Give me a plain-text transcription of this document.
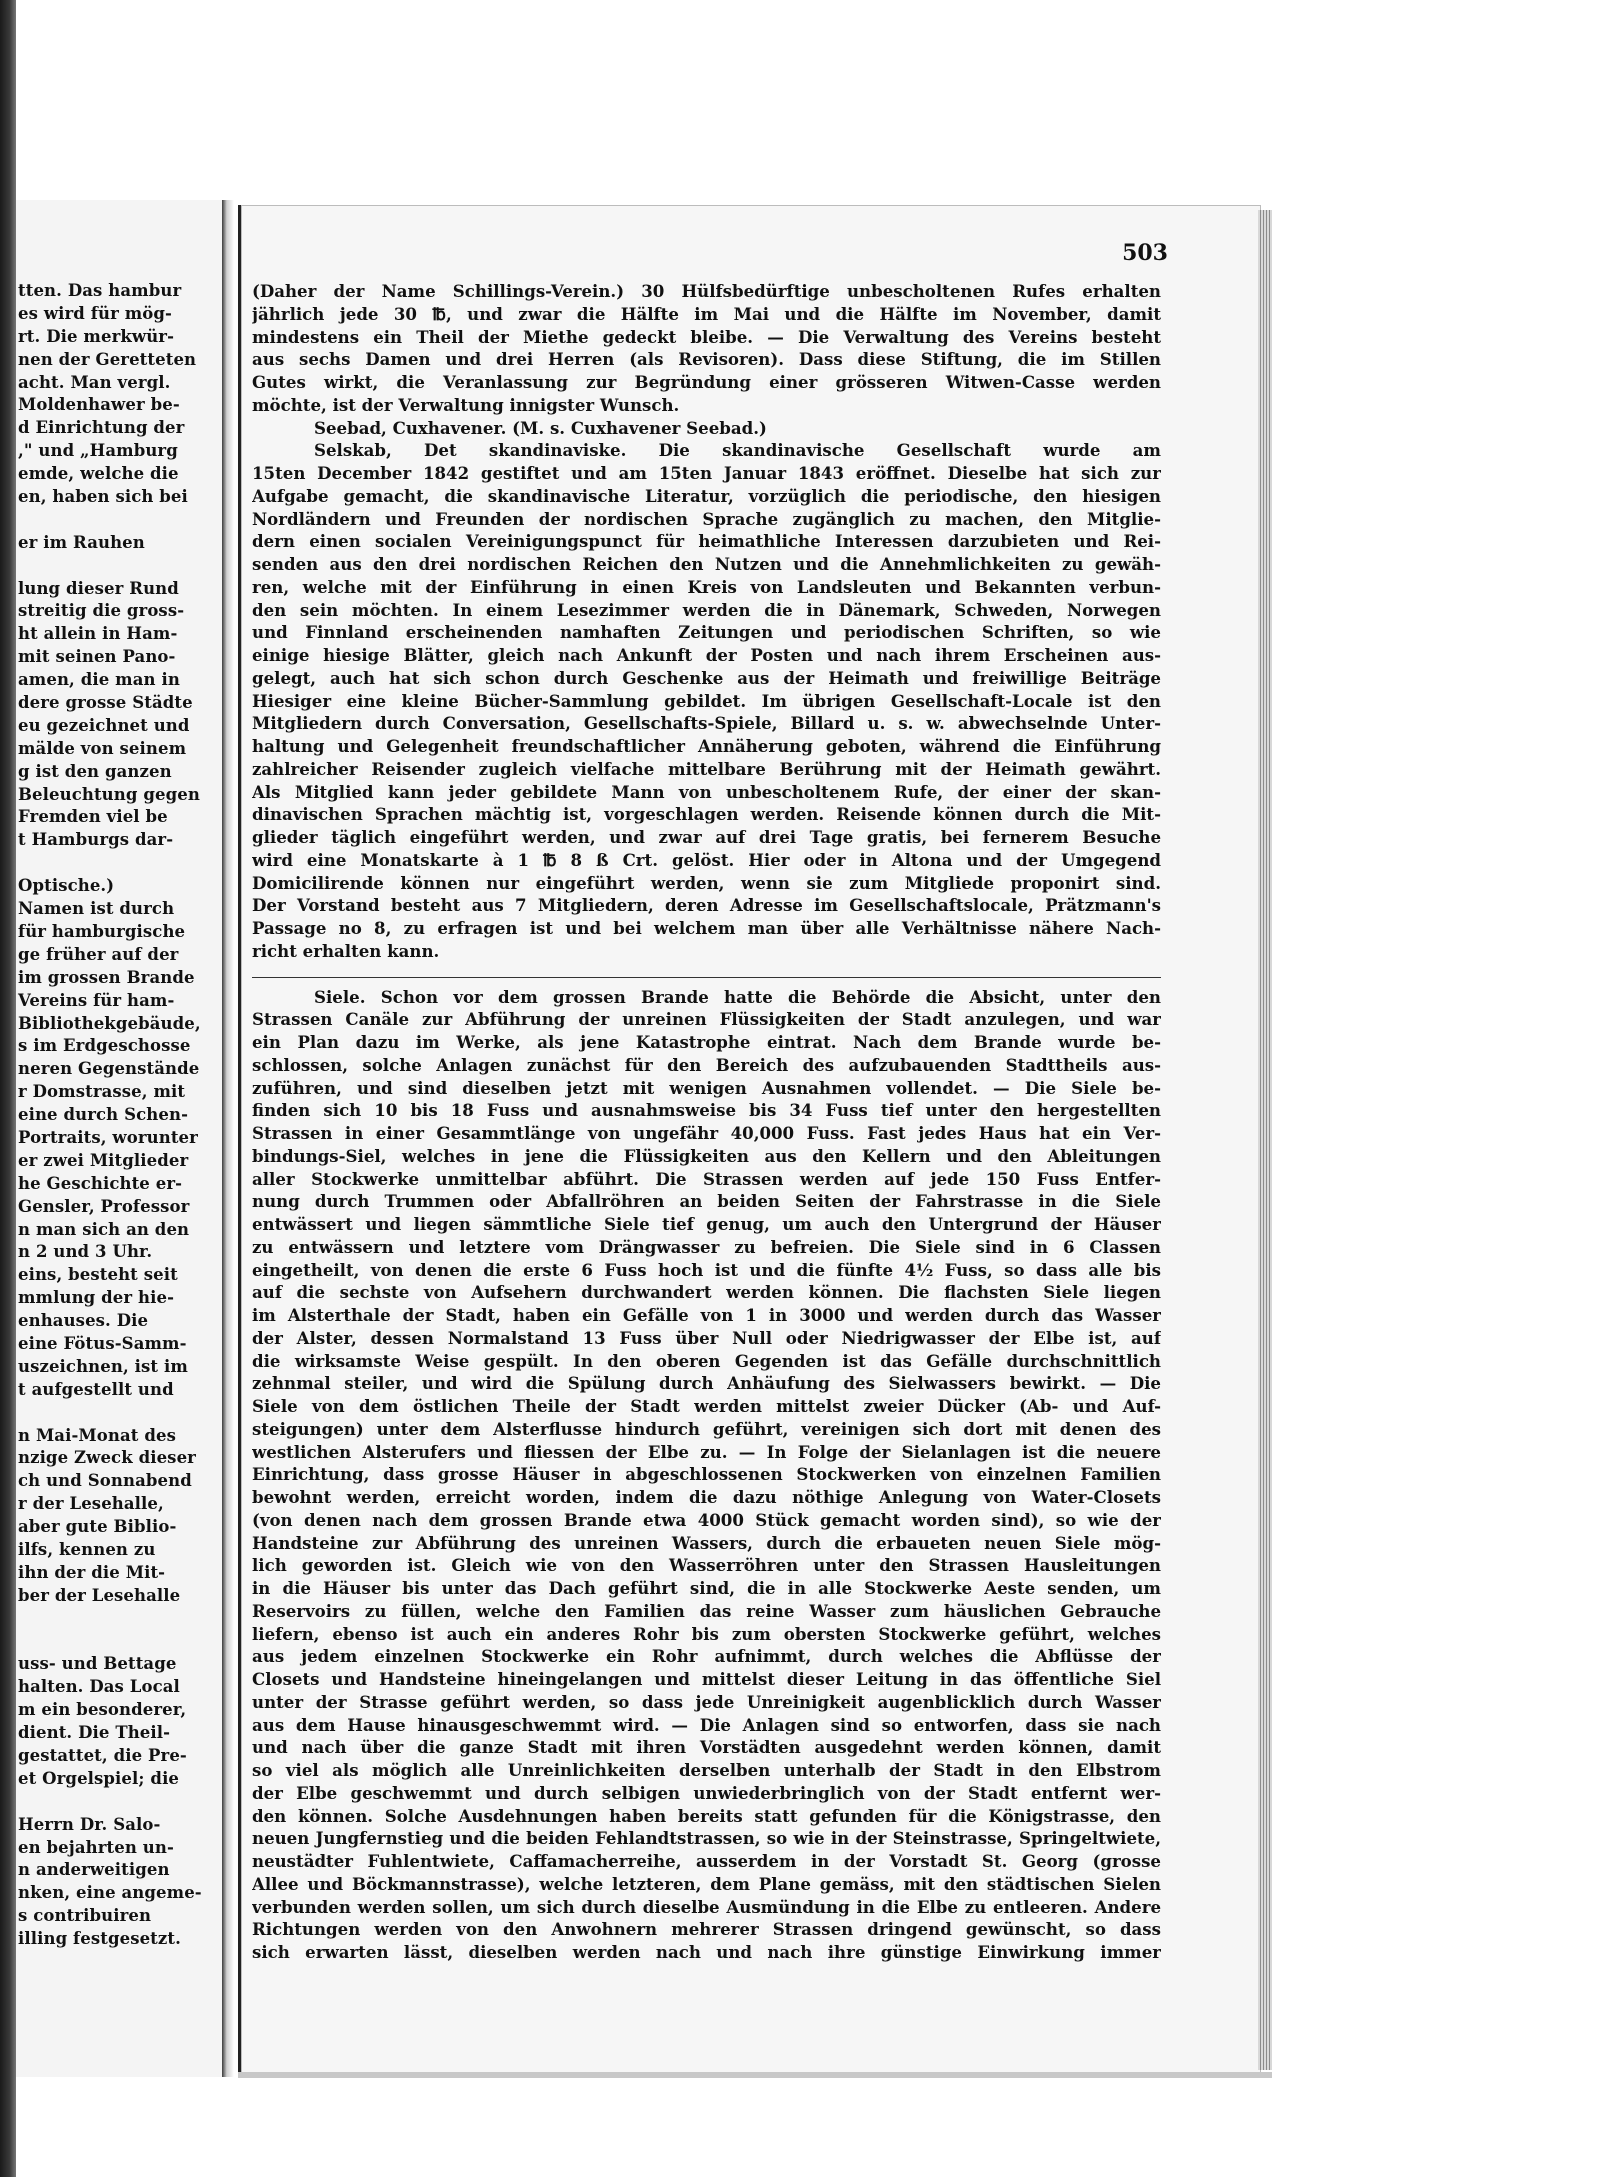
tten. Das hambur
es wird für mög-
rt. Die merkwür-
nen der Geretteten
acht. Man vergl.
Moldenhawer be-
d Einrichtung der
," und „Hamburg
emde, welche die
en, haben sich bei
er im Rauhen
lung dieser Rund
streitig die gross-
ht allein in Ham-
mit seinen Pano-
amen, die man in
dere grosse Städte
eu gezeichnet und
mälde von seinem
g ist den ganzen
Beleuchtung gegen
Fremden viel be
t Hamburgs dar-
Optische.)
Namen ist durch
für hamburgische
ge früher auf der
im grossen Brande
Vereins für ham-
Bibliothekgebäude,
s im Erdgeschosse
neren Gegenstände
r Domstrasse, mit
eine durch Schen-
Portraits, worunter
er zwei Mitglieder
he Geschichte er-
Gensler, Professor
n man sich an den
n 2 und 3 Uhr.
eins, besteht seit
mmlung der hie-
enhauses. Die
eine Fötus-Samm-
uszeichnen, ist im
t aufgestellt und
n Mai-Monat des
nzige Zweck dieser
ch und Sonnabend
r der Lesehalle,
aber gute Biblio-
ilfs, kennen zu
ihn der die Mit-
ber der Lesehalle
uss- und Bettage
halten. Das Local
m ein besonderer,
dient. Die Theil-
gestattet, die Pre-
et Orgelspiel; die
Herrn Dr. Salo-
en bejahrten un-
n anderweitigen
nken, eine angeme-
s contribuiren
illing festgesetzt.
503
(Daher der Name Schillings-Verein.) 30 Hülfsbedürftige unbescholtenen Rufes erhalten
jährlich jede 30 ℔, und zwar die Hälfte im Mai und die Hälfte im November, damit
mindestens ein Theil der Miethe gedeckt bleibe. — Die Verwaltung des Vereins besteht
aus sechs Damen und drei Herren (als Revisoren). Dass diese Stiftung, die im Stillen
Gutes wirkt, die Veranlassung zur Begründung einer grösseren Witwen-Casse werden
möchte, ist der Verwaltung innigster Wunsch.
Seebad, Cuxhavener. (M. s. Cuxhavener Seebad.)
Selskab, Det skandinaviske. Die skandinavische Gesellschaft wurde am
15ten December 1842 gestiftet und am 15ten Januar 1843 eröffnet. Dieselbe hat sich zur
Aufgabe gemacht, die skandinavische Literatur, vorzüglich die periodische, den hiesigen
Nordländern und Freunden der nordischen Sprache zugänglich zu machen, den Mitglie-
dern einen socialen Vereinigungspunct für heimathliche Interessen darzubieten und Rei-
senden aus den drei nordischen Reichen den Nutzen und die Annehmlichkeiten zu gewäh-
ren, welche mit der Einführung in einen Kreis von Landsleuten und Bekannten verbun-
den sein möchten. In einem Lesezimmer werden die in Dänemark, Schweden, Norwegen
und Finnland erscheinenden namhaften Zeitungen und periodischen Schriften, so wie
einige hiesige Blätter, gleich nach Ankunft der Posten und nach ihrem Erscheinen aus-
gelegt, auch hat sich schon durch Geschenke aus der Heimath und freiwillige Beiträge
Hiesiger eine kleine Bücher-Sammlung gebildet. Im übrigen Gesellschaft-Locale ist den
Mitgliedern durch Conversation, Gesellschafts-Spiele, Billard u. s. w. abwechselnde Unter-
haltung und Gelegenheit freundschaftlicher Annäherung geboten, während die Einführung
zahlreicher Reisender zugleich vielfache mittelbare Berührung mit der Heimath gewährt.
Als Mitglied kann jeder gebildete Mann von unbescholtenem Rufe, der einer der skan-
dinavischen Sprachen mächtig ist, vorgeschlagen werden. Reisende können durch die Mit-
glieder täglich eingeführt werden, und zwar auf drei Tage gratis, bei fernerem Besuche
wird eine Monatskarte à 1 ℔ 8 ß Crt. gelöst. Hier oder in Altona und der Umgegend
Domicilirende können nur eingeführt werden, wenn sie zum Mitgliede proponirt sind.
Der Vorstand besteht aus 7 Mitgliedern, deren Adresse im Gesellschaftslocale, Prätzmann's
Passage no 8, zu erfragen ist und bei welchem man über alle Verhältnisse nähere Nach-
richt erhalten kann.
Siele. Schon vor dem grossen Brande hatte die Behörde die Absicht, unter den
Strassen Canäle zur Abführung der unreinen Flüssigkeiten der Stadt anzulegen, und war
ein Plan dazu im Werke, als jene Katastrophe eintrat. Nach dem Brande wurde be-
schlossen, solche Anlagen zunächst für den Bereich des aufzubauenden Stadttheils aus-
zuführen, und sind dieselben jetzt mit wenigen Ausnahmen vollendet. — Die Siele be-
finden sich 10 bis 18 Fuss und ausnahmsweise bis 34 Fuss tief unter den hergestellten
Strassen in einer Gesammtlänge von ungefähr 40,000 Fuss. Fast jedes Haus hat ein Ver-
bindungs-Siel, welches in jene die Flüssigkeiten aus den Kellern und den Ableitungen
aller Stockwerke unmittelbar abführt. Die Strassen werden auf jede 150 Fuss Entfer-
nung durch Trummen oder Abfallröhren an beiden Seiten der Fahrstrasse in die Siele
entwässert und liegen sämmtliche Siele tief genug, um auch den Untergrund der Häuser
zu entwässern und letztere vom Drängwasser zu befreien. Die Siele sind in 6 Classen
eingetheilt, von denen die erste 6 Fuss hoch ist und die fünfte 4½ Fuss, so dass alle bis
auf die sechste von Aufsehern durchwandert werden können. Die flachsten Siele liegen
im Alsterthale der Stadt, haben ein Gefälle von 1 in 3000 und werden durch das Wasser
der Alster, dessen Normalstand 13 Fuss über Null oder Niedrigwasser der Elbe ist, auf
die wirksamste Weise gespült. In den oberen Gegenden ist das Gefälle durchschnittlich
zehnmal steiler, und wird die Spülung durch Anhäufung des Sielwassers bewirkt. — Die
Siele von dem östlichen Theile der Stadt werden mittelst zweier Dücker (Ab- und Auf-
steigungen) unter dem Alsterflusse hindurch geführt, vereinigen sich dort mit denen des
westlichen Alsterufers und fliessen der Elbe zu. — In Folge der Sielanlagen ist die neuere
Einrichtung, dass grosse Häuser in abgeschlossenen Stockwerken von einzelnen Familien
bewohnt werden, erreicht worden, indem die dazu nöthige Anlegung von Water-Closets
(von denen nach dem grossen Brande etwa 4000 Stück gemacht worden sind), so wie der
Handsteine zur Abführung des unreinen Wassers, durch die erbaueten neuen Siele mög-
lich geworden ist. Gleich wie von den Wasserröhren unter den Strassen Hausleitungen
in die Häuser bis unter das Dach geführt sind, die in alle Stockwerke Aeste senden, um
Reservoirs zu füllen, welche den Familien das reine Wasser zum häuslichen Gebrauche
liefern, ebenso ist auch ein anderes Rohr bis zum obersten Stockwerke geführt, welches
aus jedem einzelnen Stockwerke ein Rohr aufnimmt, durch welches die Abflüsse der
Closets und Handsteine hineingelangen und mittelst dieser Leitung in das öffentliche Siel
unter der Strasse geführt werden, so dass jede Unreinigkeit augenblicklich durch Wasser
aus dem Hause hinausgeschwemmt wird. — Die Anlagen sind so entworfen, dass sie nach
und nach über die ganze Stadt mit ihren Vorstädten ausgedehnt werden können, damit
so viel als möglich alle Unreinlichkeiten derselben unterhalb der Stadt in den Elbstrom
der Elbe geschwemmt und durch selbigen unwiederbringlich von der Stadt entfernt wer-
den können. Solche Ausdehnungen haben bereits statt gefunden für die Königstrasse, den
neuen Jungfernstieg und die beiden Fehlandtstrassen, so wie in der Steinstrasse, Springeltwiete,
neustädter Fuhlentwiete, Caffamacherreihe, ausserdem in der Vorstadt St. Georg (grosse
Allee und Böckmannstrasse), welche letzteren, dem Plane gemäss, mit den städtischen Sielen
verbunden werden sollen, um sich durch dieselbe Ausmündung in die Elbe zu entleeren. Andere
Richtungen werden von den Anwohnern mehrerer Strassen dringend gewünscht, so dass
sich erwarten lässt, dieselben werden nach und nach ihre günstige Einwirkung immer
